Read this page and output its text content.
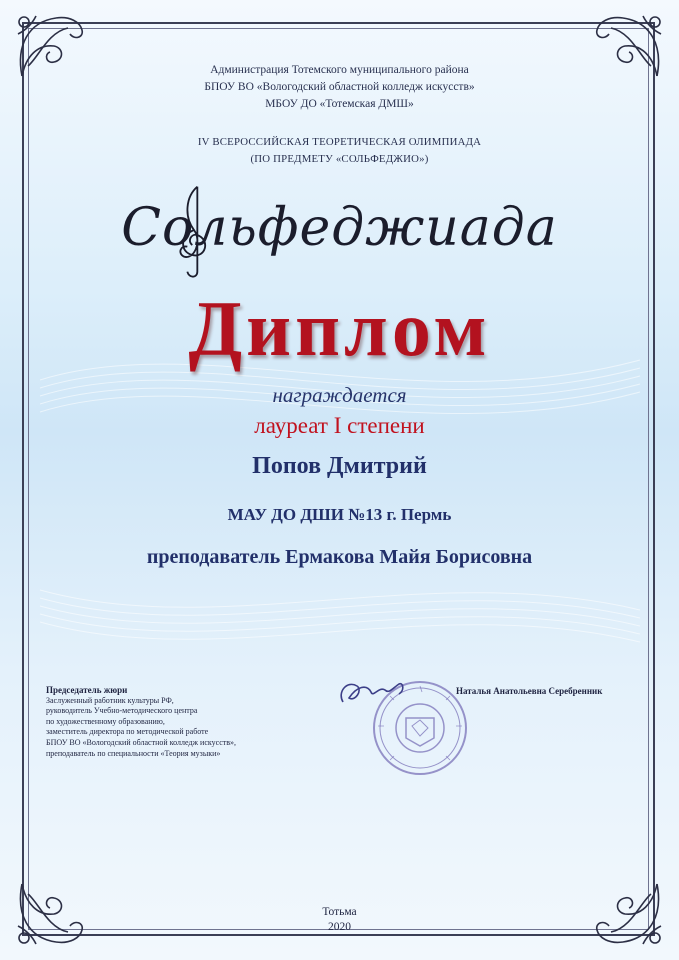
Администрация Тотемского муниципального района
БПОУ ВО «Вологодский областной колледж искусств»
МБОУ ДО «Тотемская ДМШ»
IV ВСЕРОССИЙСКАЯ ТЕОРЕТИЧЕСКАЯ ОЛИМПИАДА
(ПО ПРЕДМЕТУ «СОЛЬФЕДЖИО»)
Сольфеджиада
Диплом
награждается
лауреат I степени
Попов Дмитрий
МАУ ДО ДШИ №13 г. Пермь
преподаватель Ермакова Майя Борисовна
Председатель жюри
Заслуженный работник культуры РФ,
руководитель Учебно-методического центра
по художественному образованию,
заместитель директора по методической работе
БПОУ ВО «Вологодский областной колледж искусств»,
преподаватель по специальности «Теория музыки»
Наталья Анатольевна Серебренник
Тотьма
2020
